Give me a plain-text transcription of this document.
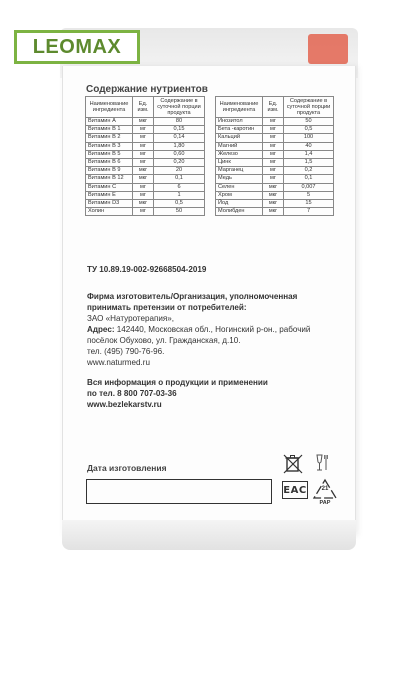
LEOMAX
Содержание нутриентов
Наименование ингредиента	Ед. изм.	Содержание в суточной порции продукта
Витамин А	мкг	80
Витамин В 1	мг	0,15
Витамин В 2	мг	0,14
Витамин В 3	мг	1,80
Витамин В 5	мг	0,60
Витамин В 6	мг	0,20
Витамин В 9	мкг	20
Витамин В 12	мкг	0,1
Витамин С	мг	6
Витамин Е	мг	1
Витамин D3	мкг	0,5
Холин	мг	50
Наименование ингредиента	Ед. изм.	Содержание в суточной порции продукта
Инозитол	мг	50
Бета -каротин	мг	0,5
Кальций	мг	100
Магний	мг	40
Железо	мг	1,4
Цинк	мг	1,5
Марганец	мг	0,2
Медь	мг	0,1
Селен	мкг	0,007
Хром	мкг	5
Йод	мкг	15
Молибден	мкг	7
ТУ 10.89.19-002-92668504-2019
Фирма изготовитель/Организация, уполномоченная принимать претензии от потребителей:
ЗАО «Натуротерапия»,
Адрес: 142440, Московская обл., Ногинский р-он., рабочий посёлок Обухово, ул. Гражданская, д.10.
тел. (495) 790-76-96.
www.naturmed.ru
Вся информация о продукции и применении
по тел. 8 800 707-03-36
www.bezlekarstv.ru
Дата изготовления
EAC	21
PAP
